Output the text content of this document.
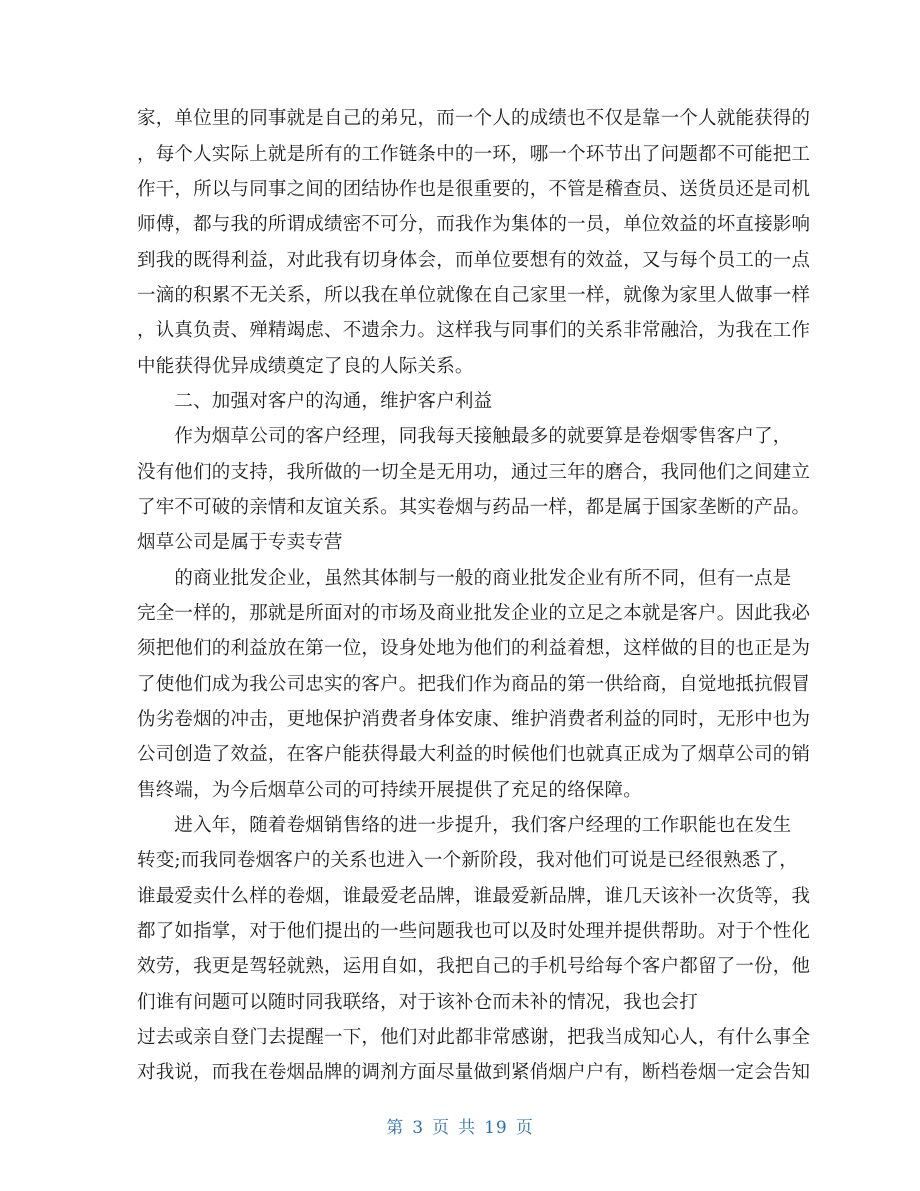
家，单位里的同事就是自己的弟兄，而一个人的成绩也不仅是靠一个人就能获得的
，每个人实际上就是所有的工作链条中的一环，哪一个环节出了问题都不可能把工
作干，所以与同事之间的团结协作也是很重要的，不管是稽查员、送货员还是司机
师傅，都与我的所谓成绩密不可分，而我作为集体的一员，单位效益的坏直接影响
到我的既得利益，对此我有切身体会，而单位要想有的效益，又与每个员工的一点
一滴的积累不无关系，所以我在单位就像在自己家里一样，就像为家里人做事一样
，认真负责、殚精竭虑、不遗余力。这样我与同事们的关系非常融洽，为我在工作
中能获得优异成绩奠定了良的人际关系。
　　二、加强对客户的沟通，维护客户利益
　　作为烟草公司的客户经理，同我每天接触最多的就要算是卷烟零售客户了，
没有他们的支持，我所做的一切全是无用功，通过三年的磨合，我同他们之间建立
了牢不可破的亲情和友谊关系。其实卷烟与药品一样，都是属于国家垄断的产品。
烟草公司是属于专卖专营
　　的商业批发企业，虽然其体制与一般的商业批发企业有所不同，但有一点是
完全一样的，那就是所面对的市场及商业批发企业的立足之本就是客户。因此我必
须把他们的利益放在第一位，设身处地为他们的利益着想，这样做的目的也正是为
了使他们成为我公司忠实的客户。把我们作为商品的第一供给商，自觉地抵抗假冒
伪劣卷烟的冲击，更地保护消费者身体安康、维护消费者利益的同时，无形中也为
公司创造了效益，在客户能获得最大利益的时候他们也就真正成为了烟草公司的销
售终端，为今后烟草公司的可持续开展提供了充足的络保障。
　　进入年，随着卷烟销售络的进一步提升，我们客户经理的工作职能也在发生
转变;而我同卷烟客户的关系也进入一个新阶段，我对他们可说是已经很熟悉了，
谁最爱卖什么样的卷烟，谁最爱老品牌，谁最爱新品牌，谁几天该补一次货等，我
都了如指掌，对于他们提出的一些问题我也可以及时处理并提供帮助。对于个性化
效劳，我更是驾轻就熟，运用自如，我把自己的手机号给每个客户都留了一份，他
们谁有问题可以随时同我联络，对于该补仓而未补的情况，我也会打
过去或亲自登门去提醒一下，他们对此都非常感谢，把我当成知心人，有什么事全
对我说，而我在卷烟品牌的调剂方面尽量做到紧俏烟户户有，断档卷烟一定会告知
第 3 页 共 19 页
